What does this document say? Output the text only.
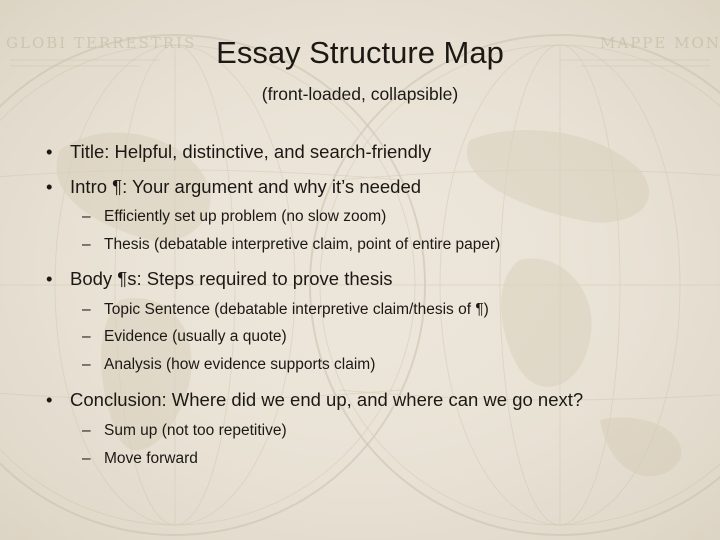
Essay Structure Map
(front-loaded, collapsible)
• Title: Helpful, distinctive, and search-friendly
• Intro ¶: Your argument and why it’s needed
– Efficiently set up problem (no slow zoom)
– Thesis (debatable interpretive claim, point of entire paper)
• Body ¶s: Steps required to prove thesis
– Topic Sentence (debatable interpretive claim/thesis of ¶)
– Evidence (usually a quote)
– Analysis (how evidence supports claim)
• Conclusion: Where did we end up, and where can we go next?
– Sum up (not too repetitive)
– Move forward
